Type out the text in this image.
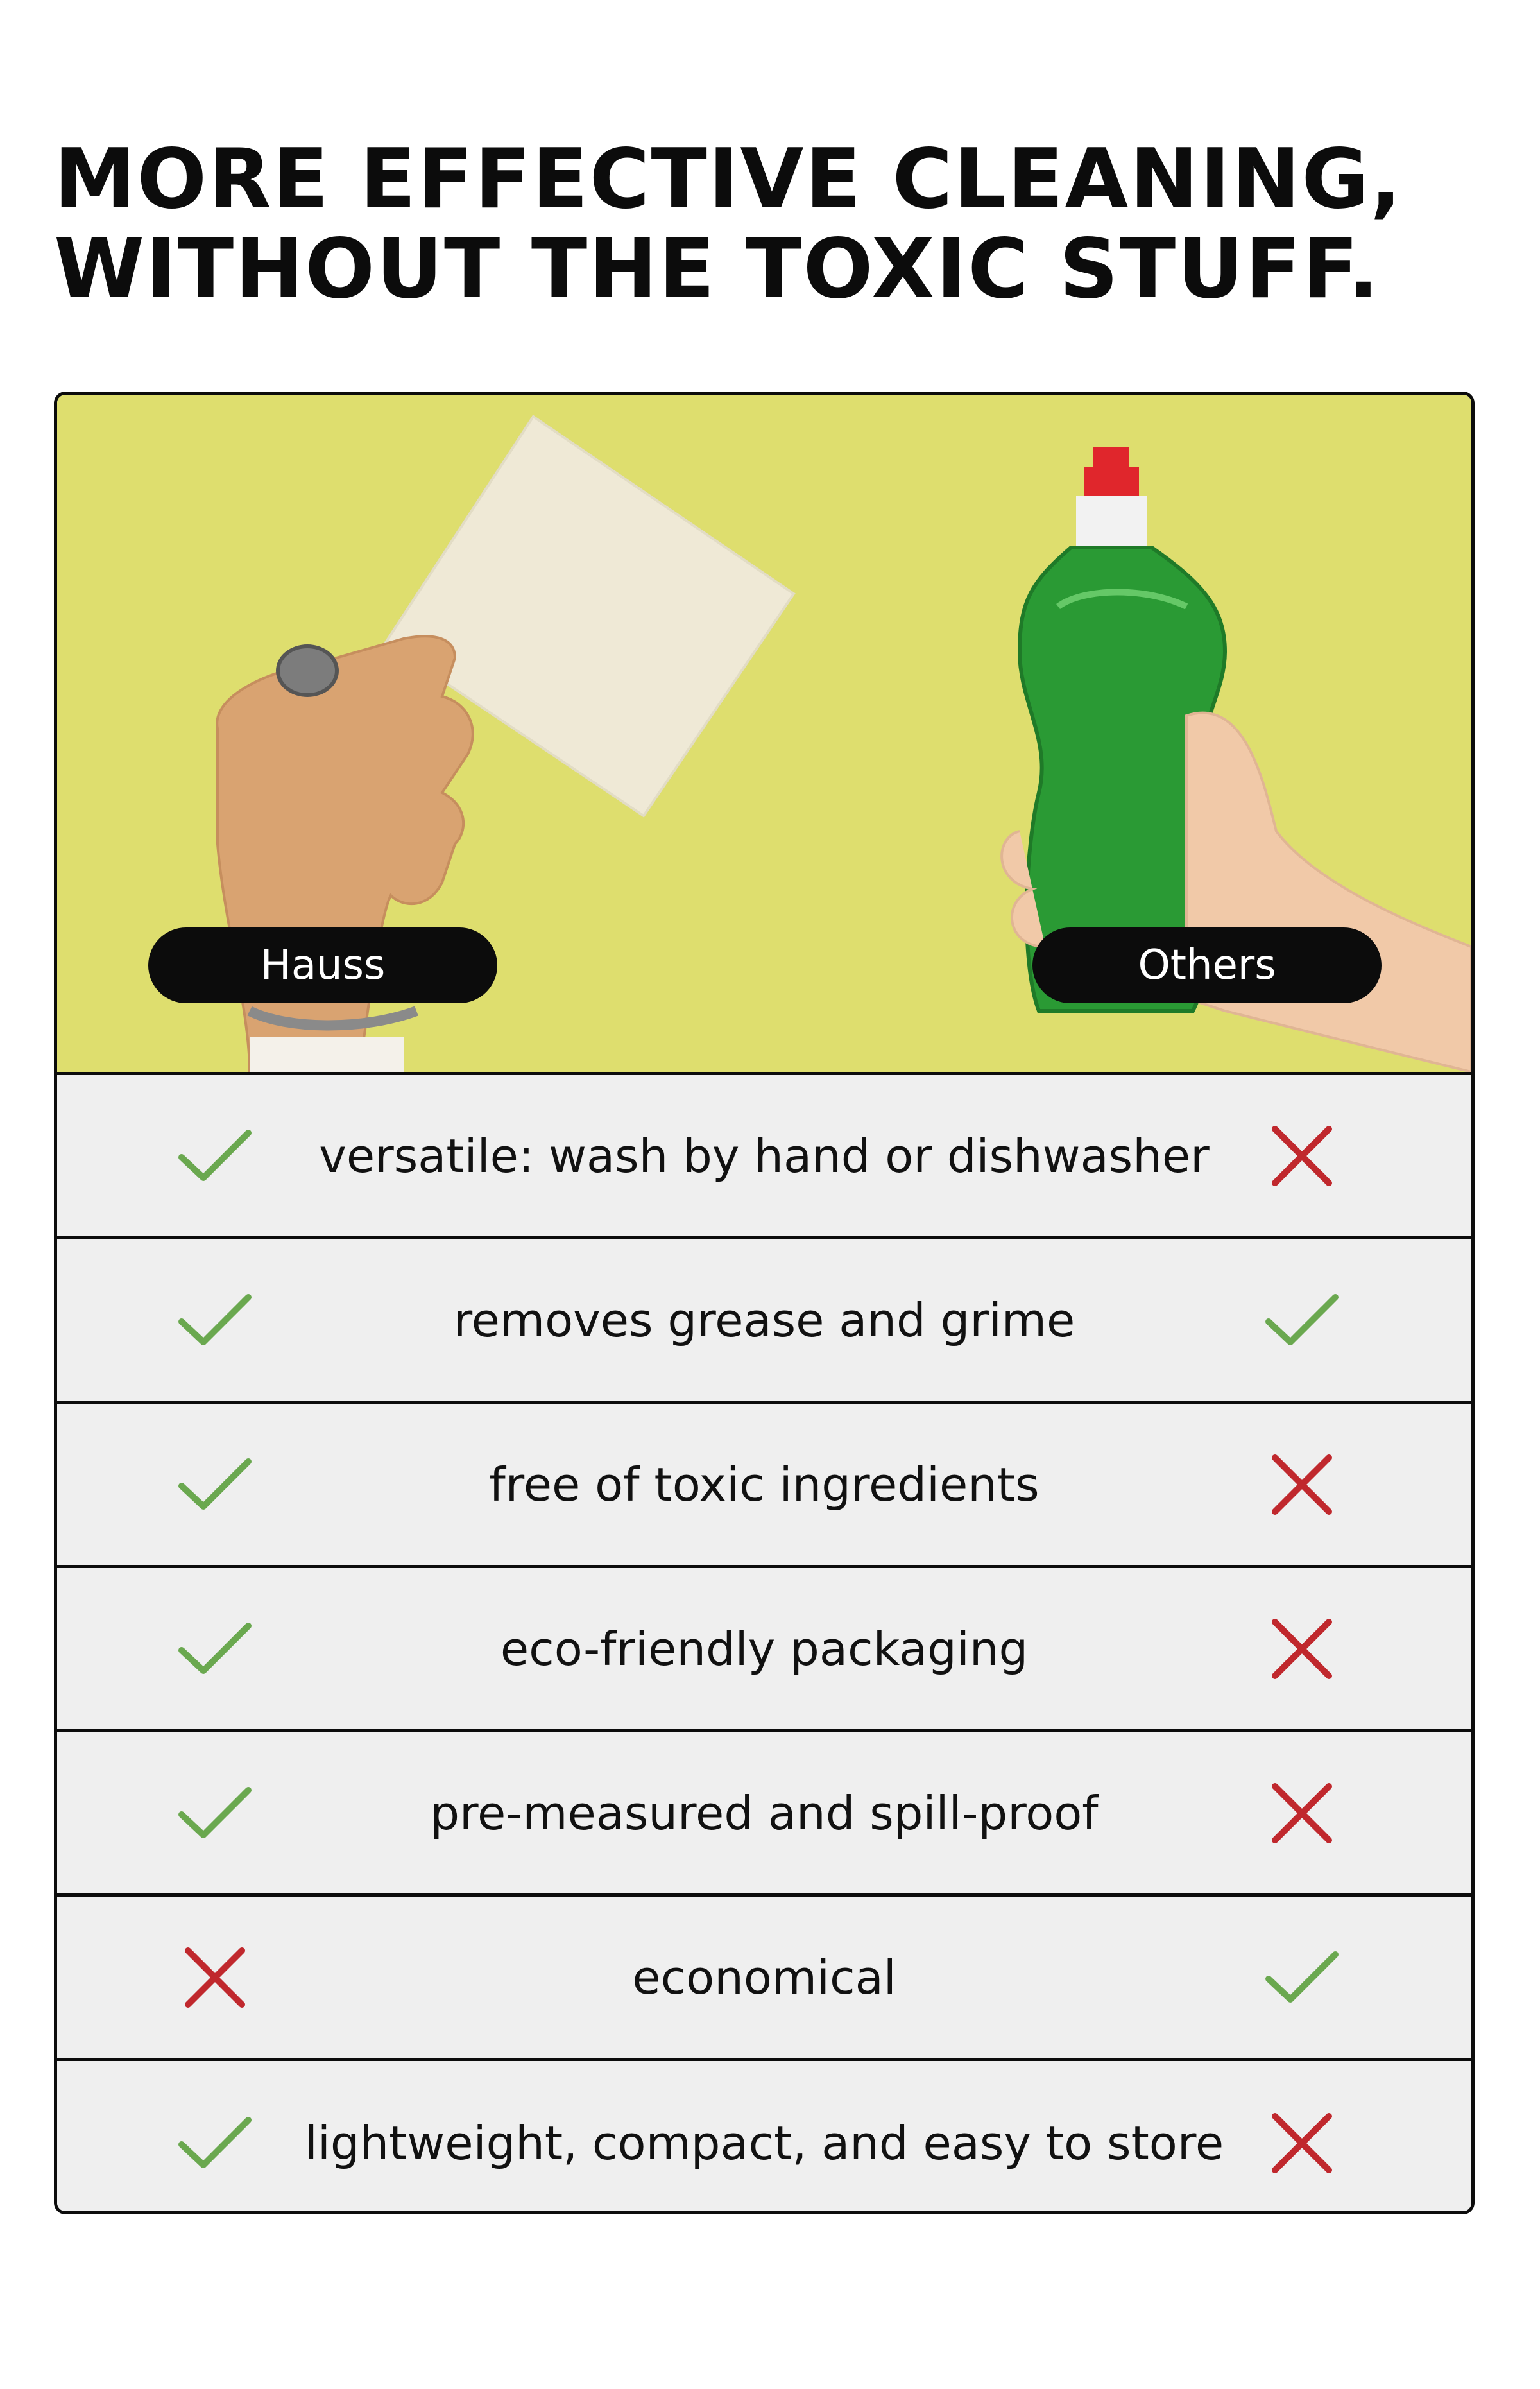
MORE EFFECTIVE CLEANING,
WITHOUT THE TOXIC STUFF.
Hauss	Others
versatile: wash by hand or dishwasher
removes grease and grime
free of toxic ingredients
eco-friendly packaging
pre-measured and spill-proof
economical
lightweight, compact, and easy to store
